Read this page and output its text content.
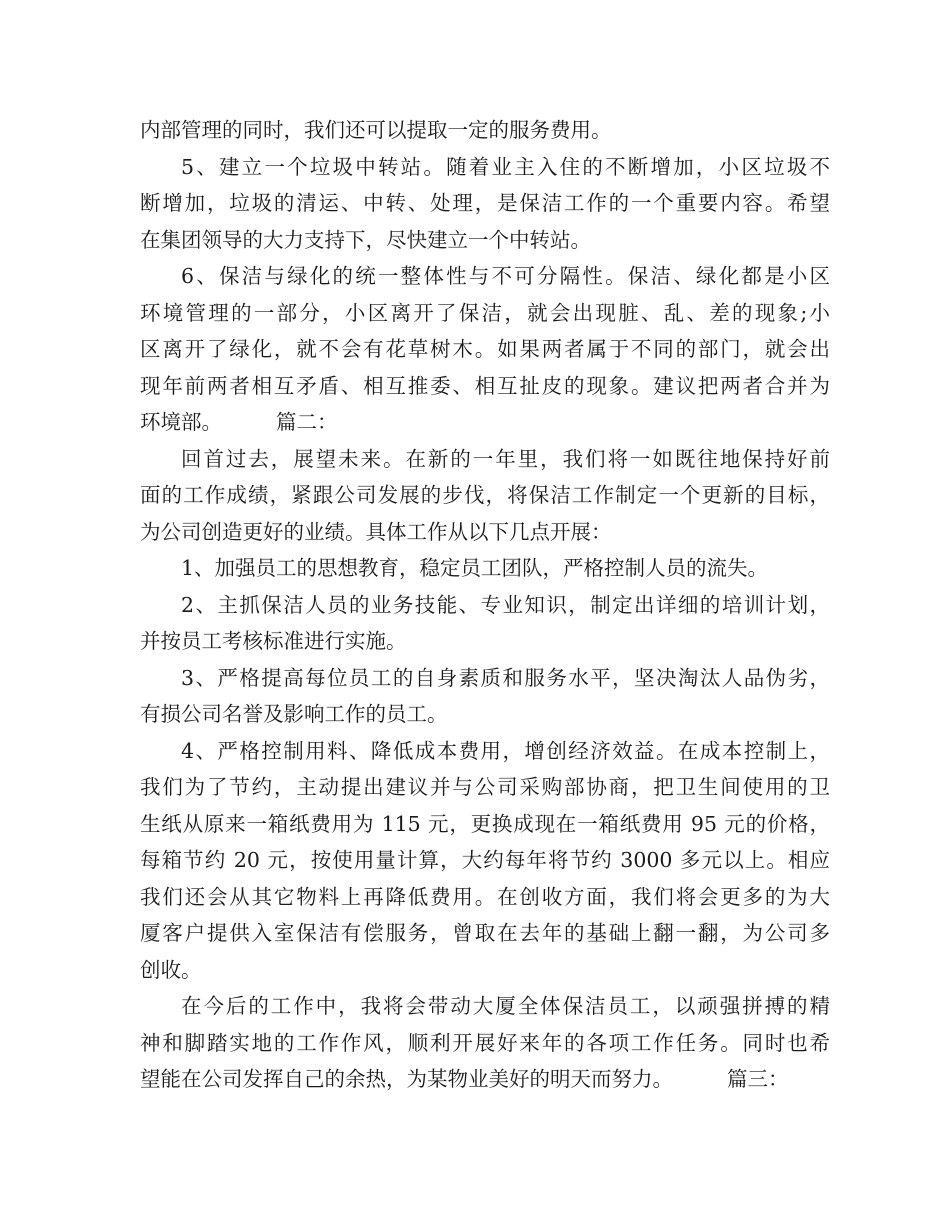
内部管理的同时，我们还可以提取一定的服务费用。

5、建立一个垃圾中转站。随着业主入住的不断增加，小区垃圾不
断增加，垃圾的清运、中转、处理，是保洁工作的一个重要内容。希望
在集团领导的大力支持下，尽快建立一个中转站。

6、保洁与绿化的统一整体性与不可分隔性。保洁、绿化都是小区
环境管理的一部分，小区离开了保洁，就会出现脏、乱、差的现象;小
区离开了绿化，就不会有花草树木。如果两者属于不同的部门，就会出
现年前两者相互矛盾、相互推委、相互扯皮的现象。建议把两者合并为
环境部。	篇二：

回首过去，展望未来。在新的一年里，我们将一如既往地保持好前
面的工作成绩，紧跟公司发展的步伐，将保洁工作制定一个更新的目标，
为公司创造更好的业绩。具体工作从以下几点开展：

1、加强员工的思想教育，稳定员工团队，严格控制人员的流失。

2、主抓保洁人员的业务技能、专业知识，制定出详细的培训计划，
并按员工考核标准进行实施。

3、严格提高每位员工的自身素质和服务水平，坚决淘汰人品伪劣，
有损公司名誉及影响工作的员工。

4、严格控制用料、降低成本费用，增创经济效益。在成本控制上，
我们为了节约，主动提出建议并与公司采购部协商，把卫生间使用的卫
生纸从原来一箱纸费用为 115 元，更换成现在一箱纸费用 95 元的价格，
每箱节约 20 元，按使用量计算，大约每年将节约 3000 多元以上。相应
我们还会从其它物料上再降低费用。在创收方面，我们将会更多的为大
厦客户提供入室保洁有偿服务，曾取在去年的基础上翻一翻，为公司多
创收。

在今后的工作中，我将会带动大厦全体保洁员工，以顽强拼搏的精
神和脚踏实地的工作作风，顺利开展好来年的各项工作任务。同时也希
望能在公司发挥自己的余热，为某物业美好的明天而努力。	篇三：
